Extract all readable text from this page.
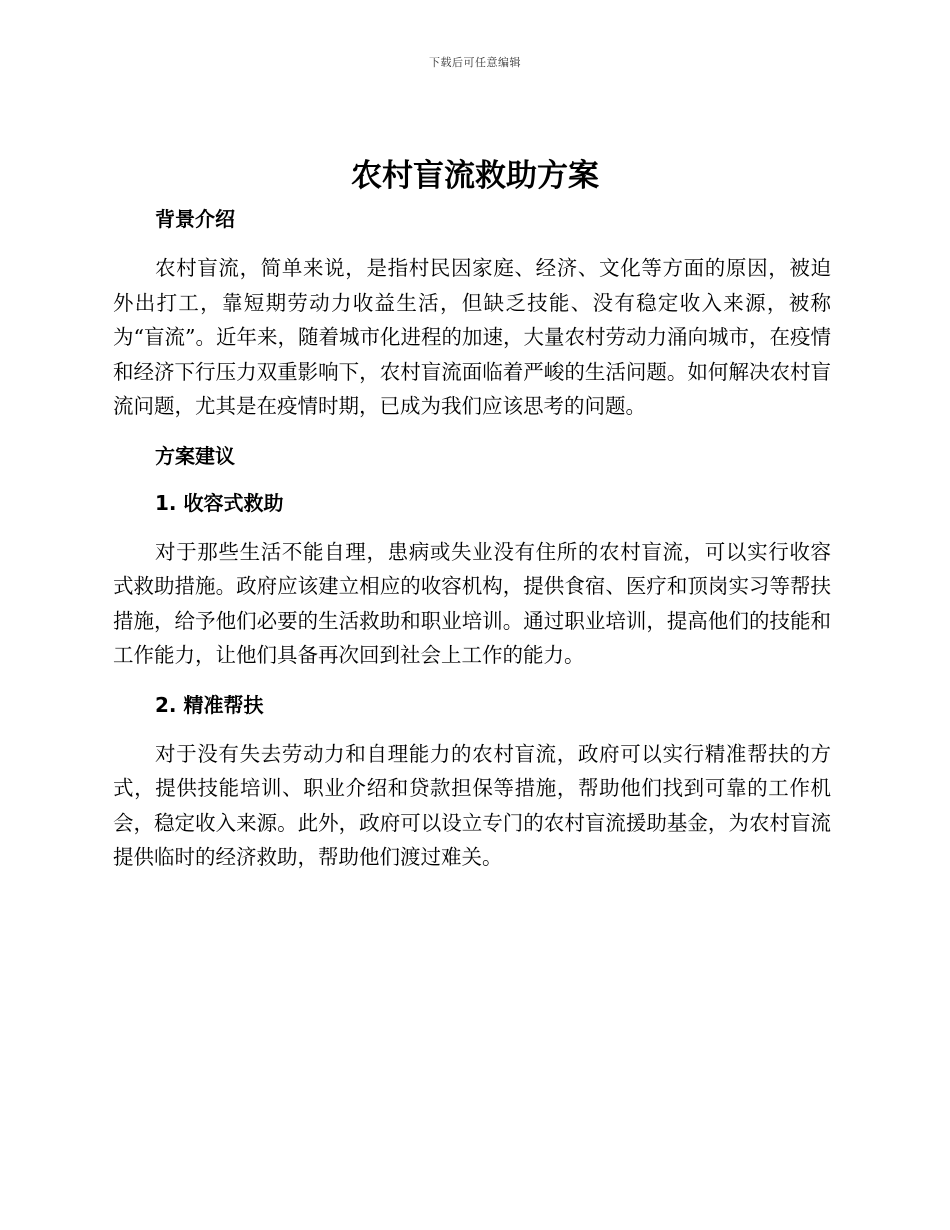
下载后可任意编辑
农村盲流救助方案
背景介绍

农村盲流，简单来说，是指村民因家庭、经济、文化等方面的原因，被迫外出打工，靠短期劳动力收益生活，但缺乏技能、没有稳定收入来源，被称为“盲流”。近年来，随着城市化进程的加速，大量农村劳动力涌向城市，在疫情和经济下行压力双重影响下，农村盲流面临着严峻的生活问题。如何解决农村盲流问题，尤其是在疫情时期，已成为我们应该思考的问题。

方案建议
1. 收容式救助

对于那些生活不能自理，患病或失业没有住所的农村盲流，可以实行收容式救助措施。政府应该建立相应的收容机构，提供食宿、医疗和顶岗实习等帮扶措施，给予他们必要的生活救助和职业培训。通过职业培训，提高他们的技能和工作能力，让他们具备再次回到社会上工作的能力。

2. 精准帮扶

对于没有失去劳动力和自理能力的农村盲流，政府可以实行精准帮扶的方式，提供技能培训、职业介绍和贷款担保等措施，帮助他们找到可靠的工作机会，稳定收入来源。此外，政府可以设立专门的农村盲流援助基金，为农村盲流提供临时的经济救助，帮助他们渡过难关。
